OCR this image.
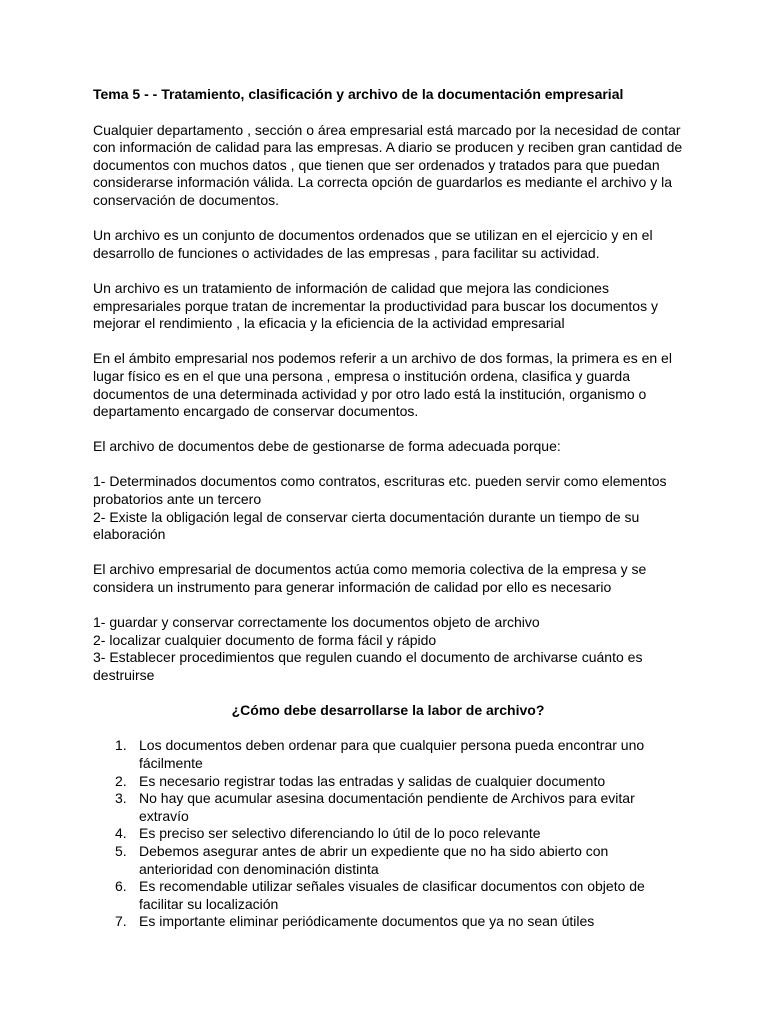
Tema 5 - - Tratamiento, clasificación y archivo de la documentación empresarial

Cualquier departamento , sección o área empresarial está marcado por la necesidad de contar con información de calidad para las empresas. A diario se producen y reciben gran cantidad de documentos con muchos datos , que tienen que ser ordenados y tratados para que puedan considerarse información válida. La correcta opción de guardarlos es mediante el archivo y la conservación de documentos.

Un archivo es un conjunto de documentos ordenados que se utilizan en el ejercicio y en el desarrollo de funciones o actividades de las empresas , para facilitar su actividad.

Un archivo es un tratamiento de información de calidad que mejora las condiciones empresariales porque tratan de incrementar la productividad para buscar los documentos y mejorar el rendimiento , la eficacia y la eficiencia de la actividad empresarial

En el ámbito empresarial nos podemos referir a un archivo de dos formas, la primera es en el lugar físico es en el que una persona , empresa o institución ordena, clasifica y guarda documentos de una determinada actividad y por otro lado está la institución, organismo o departamento encargado de conservar documentos.

El archivo de documentos debe de gestionarse de forma adecuada porque:

1- Determinados documentos como contratos, escrituras etc. pueden servir como elementos probatorios ante un tercero
2- Existe la obligación legal de conservar cierta documentación durante un tiempo de su elaboración

El archivo empresarial de documentos actúa como memoria colectiva de la empresa y se considera un instrumento para generar información de calidad por ello es necesario

1- guardar y conservar correctamente los documentos objeto de archivo
2- localizar cualquier documento de forma fácil y rápido
3- Establecer procedimientos que regulen cuando el documento de archivarse cuánto es destruirse
¿Cómo debe desarrollarse la labor de archivo?
1. Los documentos deben ordenar para que cualquier persona pueda encontrar uno fácilmente
2. Es necesario registrar todas las entradas y salidas de cualquier documento
3. No hay que acumular asesina documentación pendiente de Archivos para evitar extravío
4. Es preciso ser selectivo diferenciando lo útil de lo poco relevante
5. Debemos asegurar antes de abrir un expediente que no ha sido abierto con anterioridad con denominación distinta
6. Es recomendable utilizar señales visuales de clasificar documentos con objeto de facilitar su localización
7. Es importante eliminar periódicamente documentos que ya no sean útiles
